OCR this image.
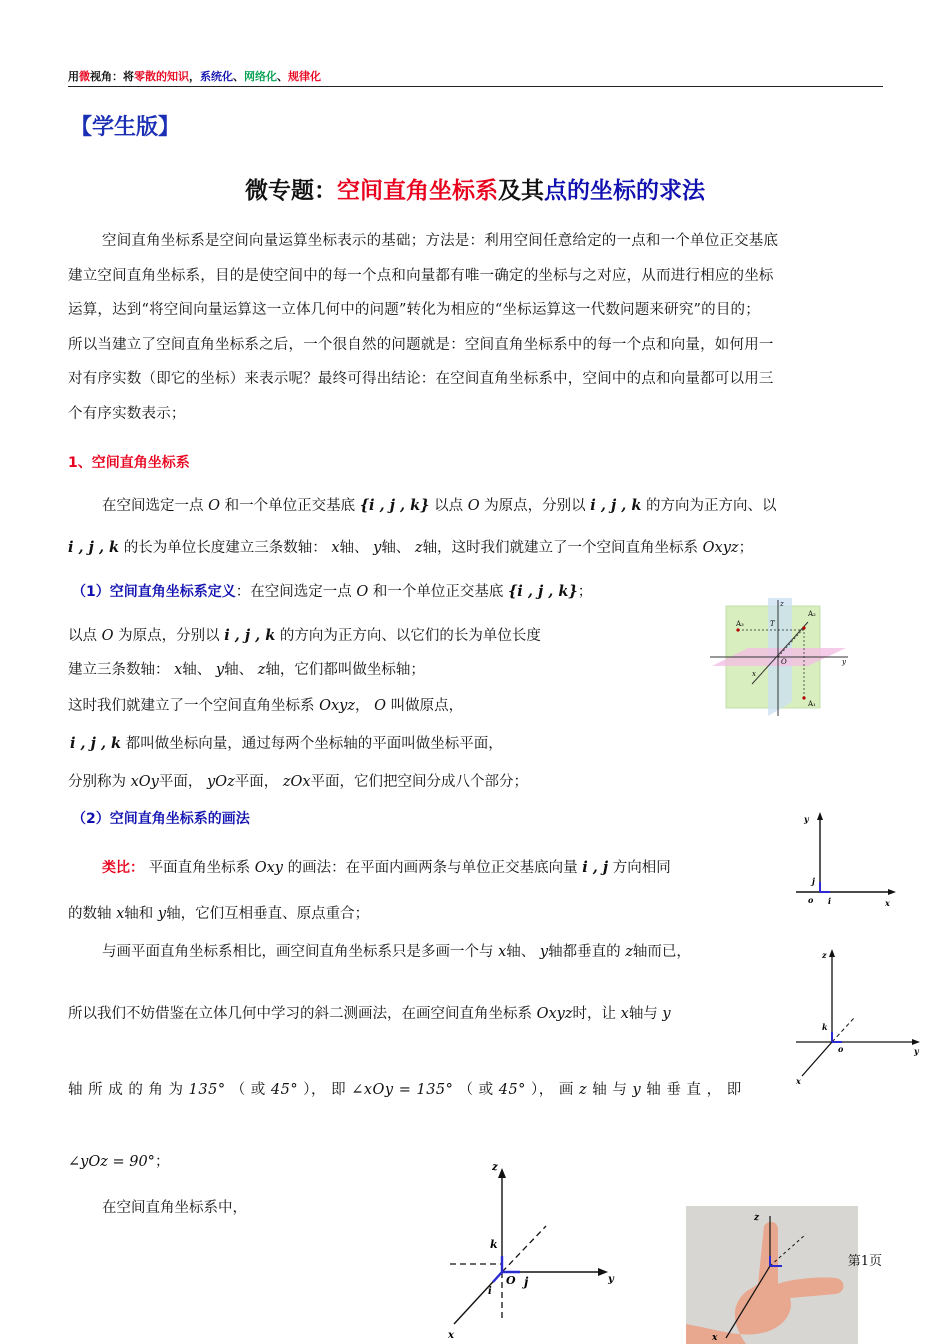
用微视角：将零散的知识，系统化、网络化、规律化
【学生版】
微专题：空间直角坐标系及其点的坐标的求法
空间直角坐标系是空间向量运算坐标表示的基础；方法是：利用空间任意给定的一点和一个单位正交基底
建立空间直角坐标系，目的是使空间中的每一个点和向量都有唯一确定的坐标与之对应，从而进行相应的坐标
运算，达到“将空间向量运算这一立体几何中的问题”转化为相应的“坐标运算这一代数问题来研究”的目的；
所以当建立了空间直角坐标系之后，一个很自然的问题就是：空间直角坐标系中的每一个点和向量，如何用一
对有序实数（即它的坐标）来表示呢？最终可得出结论：在空间直角坐标系中，空间中的点和向量都可以用三
个有序实数表示；
1、空间直角坐标系
在空间选定一点 O 和一个单位正交基底 {i , j , k} 以点 O 为原点，分别以 i , j , k 的方向为正方向、以
i , j , k 的长为单位长度建立三条数轴： x轴、 y轴、 z轴，这时我们就建立了一个空间直角坐标系 Oxyz；
（1）空间直角坐标系定义：在空间选定一点 O 和一个单位正交基底 {i , j , k}；
以点 O 为原点，分别以 i , j , k 的方向为正方向、以它们的长为单位长度
建立三条数轴： x轴、 y轴、 z轴，它们都叫做坐标轴；
这时我们就建立了一个空间直角坐标系 Oxyz， O 叫做原点，
i , j , k 都叫做坐标向量，通过每两个坐标轴的平面叫做坐标平面，
分别称为 xOy平面， yOz平面， zOx平面，它们把空间分成八个部分；
A₂
A₁
A₃	T
z
y
x
O
（2）空间直角坐标系的画法
类比： 平面直角坐标系 Oxy 的画法：在平面内画两条与单位正交基底向量 i , j 方向相同
的数轴 x轴和 y轴，它们互相垂直、原点重合；
与画平面直角坐标系相比，画空间直角坐标系只是多画一个与 x轴、 y轴都垂直的 z轴而已，
所以我们不妨借鉴在立体几何中学习的斜二测画法，在画空间直角坐标系 Oxyz时，让 x轴与 y
轴 所 成 的 角 为 135° （ 或 45° ）， 即 ∠xOy = 135° （ 或 45° ）， 画 z 轴 与 y 轴 垂 直 ， 即
∠yOz = 90°；
在空间直角坐标系中，
y
x
o i
j
z
y
x
o
k
z
y
x
O j
k
i
z
x
第1页
